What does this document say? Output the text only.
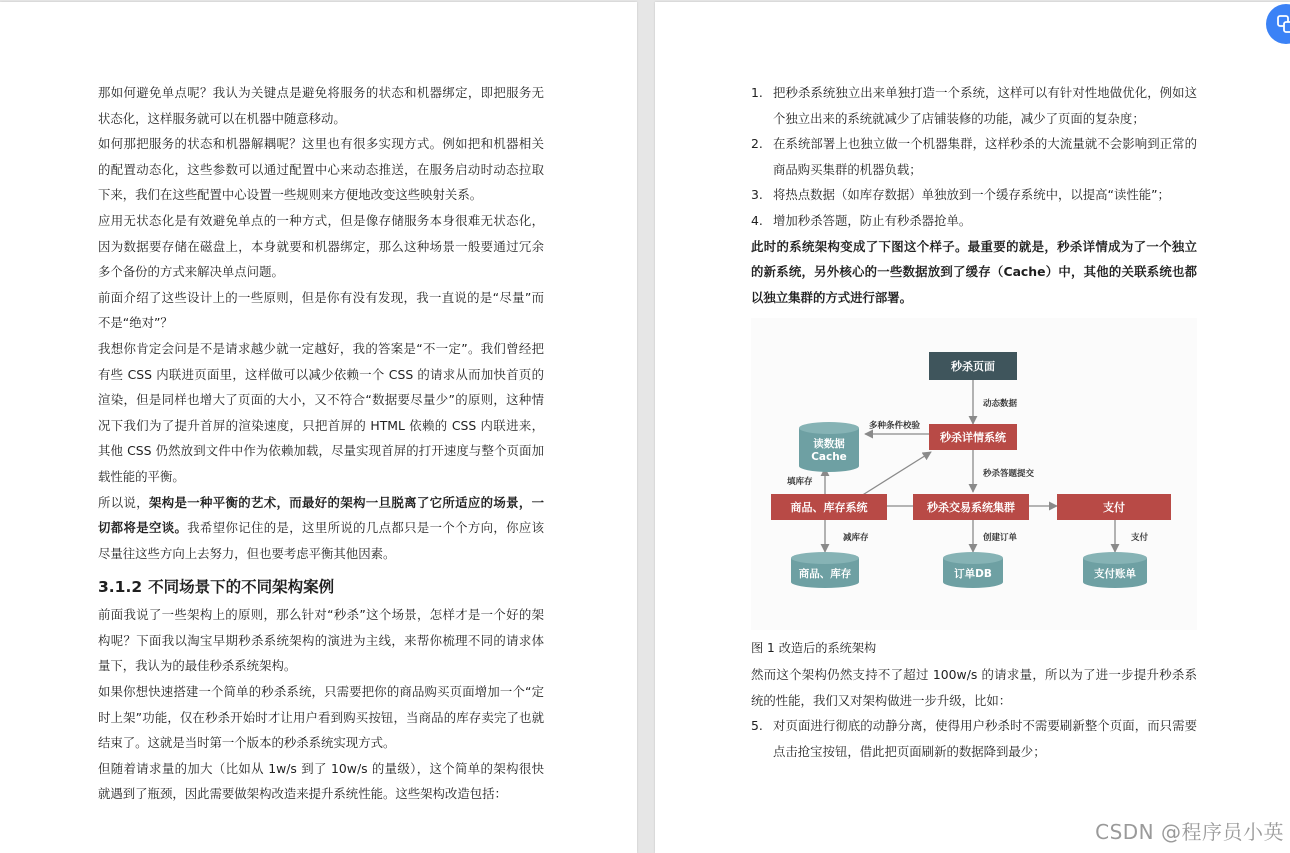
那如何避免单点呢？我认为关键点是避免将服务的状态和机器绑定，即把服务无状态化，这样服务就可以在机器中随意移动。

如何那把服务的状态和机器解耦呢？这里也有很多实现方式。例如把和机器相关的配置动态化，这些参数可以通过配置中心来动态推送，在服务启动时动态拉取下来，我们在这些配置中心设置一些规则来方便地改变这些映射关系。

应用无状态化是有效避免单点的一种方式，但是像存储服务本身很难无状态化，因为数据要存储在磁盘上，本身就要和机器绑定，那么这种场景一般要通过冗余多个备份的方式来解决单点问题。

前面介绍了这些设计上的一些原则，但是你有没有发现，我一直说的是“尽量”而不是“绝对”？

我想你肯定会问是不是请求越少就一定越好，我的答案是“不一定”。我们曾经把有些 CSS 内联进页面里，这样做可以减少依赖一个 CSS 的请求从而加快首页的渲染，但是同样也增大了页面的大小，又不符合“数据要尽量少”的原则，这种情况下我们为了提升首屏的渲染速度，只把首屏的 HTML 依赖的 CSS 内联进来，其他 CSS 仍然放到文件中作为依赖加载，尽量实现首屏的打开速度与整个页面加载性能的平衡。

所以说，架构是一种平衡的艺术，而最好的架构一旦脱离了它所适应的场景，一切都将是空谈。我希望你记住的是，这里所说的几点都只是一个个方向，你应该尽量往这些方向上去努力，但也要考虑平衡其他因素。

3.1.2 不同场景下的不同架构案例

前面我说了一些架构上的原则，那么针对“秒杀”这个场景，怎样才是一个好的架构呢？下面我以淘宝早期秒杀系统架构的演进为主线，来帮你梳理不同的请求体量下，我认为的最佳秒杀系统架构。

如果你想快速搭建一个简单的秒杀系统，只需要把你的商品购买页面增加一个“定时上架”功能，仅在秒杀开始时才让用户看到购买按钮，当商品的库存卖完了也就结束了。这就是当时第一个版本的秒杀系统实现方式。

但随着请求量的加大（比如从 1w/s 到了 10w/s 的量级），这个简单的架构很快就遇到了瓶颈，因此需要做架构改造来提升系统性能。这些架构改造包括：

1. 把秒杀系统独立出来单独打造一个系统，这样可以有针对性地做优化，例如这个独立出来的系统就减少了店铺装修的功能，减少了页面的复杂度；
2. 在系统部署上也独立做一个机器集群，这样秒杀的大流量就不会影响到正常的商品购买集群的机器负载；
3. 将热点数据（如库存数据）单独放到一个缓存系统中，以提高“读性能”；
4. 增加秒杀答题，防止有秒杀器抢单。

此时的系统架构变成了下图这个样子。最重要的就是，秒杀详情成为了一个独立的新系统，另外核心的一些数据放到了缓存（Cache）中，其他的关联系统也都以独立集群的方式进行部署。

秒杀页面
秒杀详情系统
商品、库存系统	秒杀交易系统集群	支付
读数据
Cache
商品、库存	订单DB	支付账单
动态数据
多种条件校验
填库存
秒杀答题提交
减库存	创建订单	支付

图 1 改造后的系统架构

然而这个架构仍然支持不了超过 100w/s 的请求量，所以为了进一步提升秒杀系统的性能，我们又对架构做进一步升级，比如：

5. 对页面进行彻底的动静分离，使得用户秒杀时不需要刷新整个页面，而只需要点击抢宝按钮，借此把页面刷新的数据降到最少；
CSDN @程序员小英
